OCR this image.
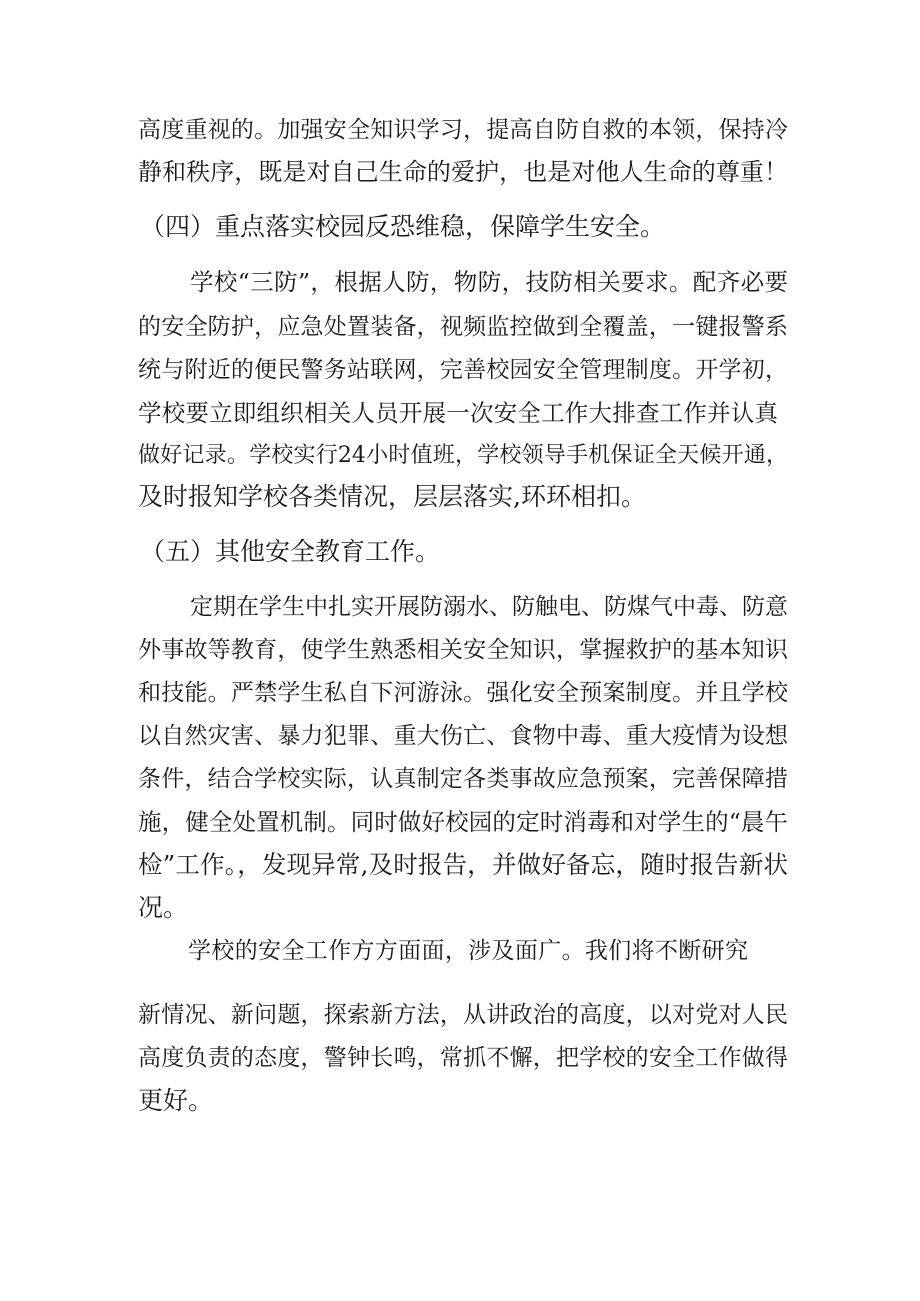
高度重视的。加强安全知识学习，提高自防自救的本领，保持冷
静和秩序，既是对自己生命的爱护，也是对他人生命的尊重！
（四）重点落实校园反恐维稳，保障学生安全。
学校“三防”，根据人防，物防，技防相关要求。配齐必要
的安全防护，应急处置装备，视频监控做到全覆盖，一键报警系
统与附近的便民警务站联网，完善校园安全管理制度。开学初，
学校要立即组织相关人员开展一次安全工作大排查工作并认真
做好记录。学校实行24小时值班，学校领导手机保证全天候开通，
及时报知学校各类情况，层层落实,环环相扣。
（五）其他安全教育工作。
定期在学生中扎实开展防溺水、防触电、防煤气中毒、防意
外事故等教育，使学生熟悉相关安全知识，掌握救护的基本知识
和技能。严禁学生私自下河游泳。强化安全预案制度。并且学校
以自然灾害、暴力犯罪、重大伤亡、食物中毒、重大疫情为设想
条件，结合学校实际，认真制定各类事故应急预案，完善保障措
施，健全处置机制。同时做好校园的定时消毒和对学生的“晨午
检”工作。，发现异常,及时报告，并做好备忘，随时报告新状
况。
学校的安全工作方方面面，涉及面广。我们将不断研究
新情况、新问题，探索新方法，从讲政治的高度，以对党对人民
高度负责的态度，警钟长鸣，常抓不懈，把学校的安全工作做得
更好。
